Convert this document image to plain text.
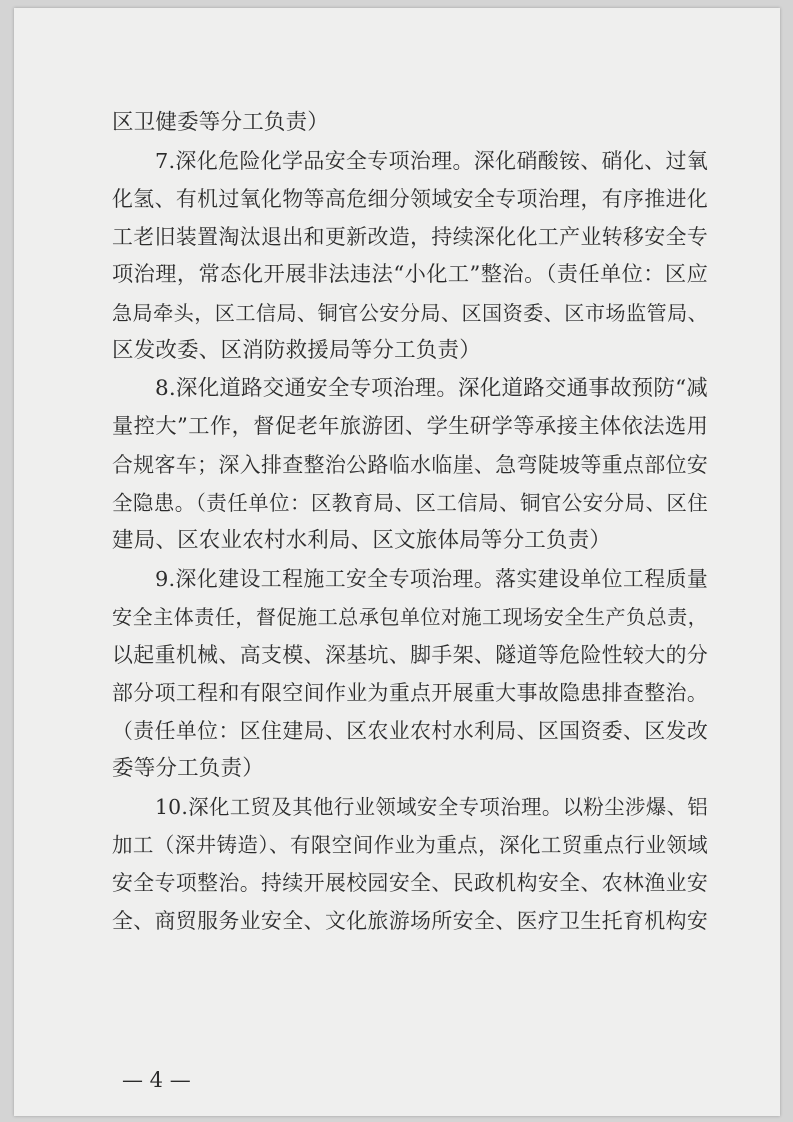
区卫健委等分工负责）
7.深化危险化学品安全专项治理。深化硝酸铵、硝化、过氧
化氢、有机过氧化物等高危细分领域安全专项治理，有序推进化
工老旧装置淘汰退出和更新改造，持续深化化工产业转移安全专
项治理，常态化开展非法违法“小化工”整治。（责任单位：区应
急局牵头，区工信局、铜官公安分局、区国资委、区市场监管局、
区发改委、区消防救援局等分工负责）
8.深化道路交通安全专项治理。深化道路交通事故预防“减
量控大”工作，督促老年旅游团、学生研学等承接主体依法选用
合规客车；深入排查整治公路临水临崖、急弯陡坡等重点部位安
全隐患。（责任单位：区教育局、区工信局、铜官公安分局、区住
建局、区农业农村水利局、区文旅体局等分工负责）
9.深化建设工程施工安全专项治理。落实建设单位工程质量
安全主体责任，督促施工总承包单位对施工现场安全生产负总责，
以起重机械、高支模、深基坑、脚手架、隧道等危险性较大的分
部分项工程和有限空间作业为重点开展重大事故隐患排查整治。
（责任单位：区住建局、区农业农村水利局、区国资委、区发改
委等分工负责）
10.深化工贸及其他行业领域安全专项治理。以粉尘涉爆、铝
加工（深井铸造）、有限空间作业为重点，深化工贸重点行业领域
安全专项整治。持续开展校园安全、民政机构安全、农林渔业安
全、商贸服务业安全、文化旅游场所安全、医疗卫生托育机构安
— 4 —
